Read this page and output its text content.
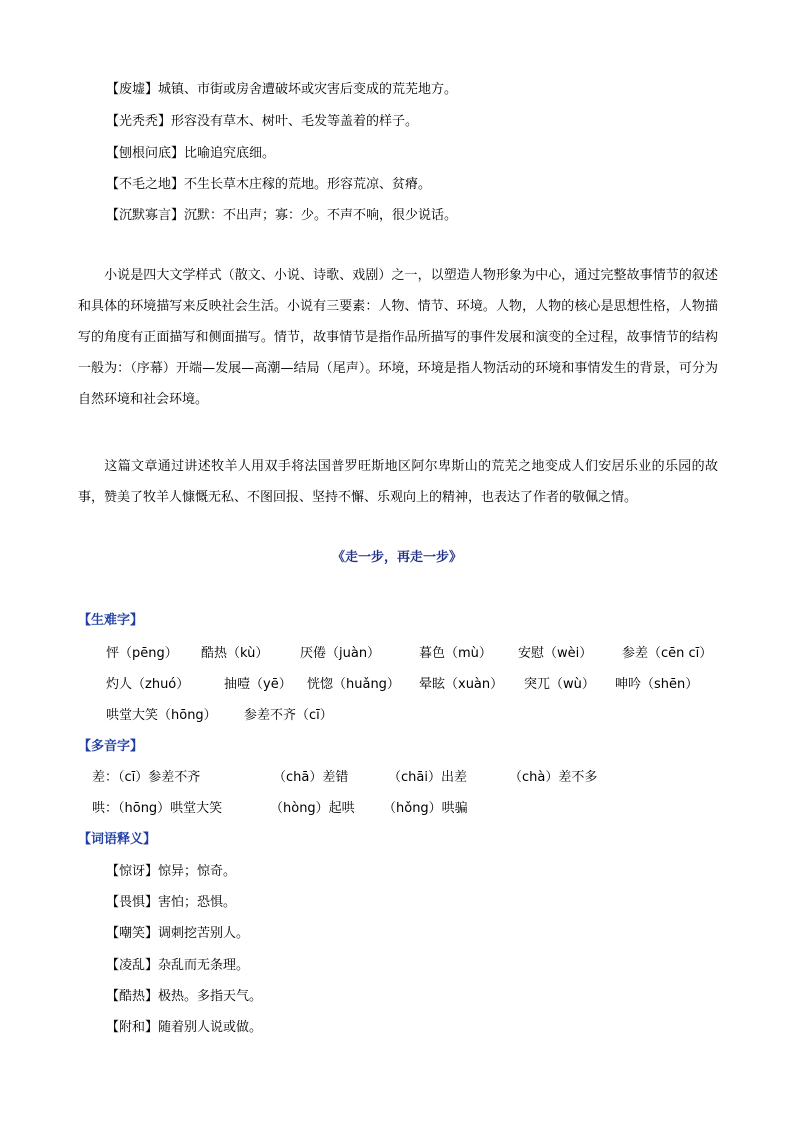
【废墟】城镇、市街或房舍遭破坏或灾害后变成的荒芜地方。
【光秃秃】形容没有草木、树叶、毛发等盖着的样子。
【刨根问底】比喻追究底细。
【不毛之地】不生长草木庄稼的荒地。形容荒凉、贫瘠。
【沉默寡言】沉默：不出声；寡：少。不声不响，很少说话。
小说是四大文学样式（散文、小说、诗歌、戏剧）之一，以塑造人物形象为中心，通过完整故事情节的叙述和具体的环境描写来反映社会生活。小说有三要素：人物、情节、环境。人物，人物的核心是思想性格，人物描写的角度有正面描写和侧面描写。情节，故事情节是指作品所描写的事件发展和演变的全过程，故事情节的结构一般为：（序幕）开端—发展—高潮—结局（尾声）。环境，环境是指人物活动的环境和事情发生的背景，可分为自然环境和社会环境。
这篇文章通过讲述牧羊人用双手将法国普罗旺斯地区阿尔卑斯山的荒芜之地变成人们安居乐业的乐园的故事，赞美了牧羊人慷慨无私、不图回报、坚持不懈、乐观向上的精神，也表达了作者的敬佩之情。
《走一步，再走一步》
【生难字】
怦（pēng） 酷热（kù） 厌倦（juàn）	暮色（mù） 安慰（wèi） 参差（cēn cī）
灼人（zhuó）	抽噎（yē） 恍惚（huǎng） 晕眩（xuàn） 突兀（wù） 呻吟（shēn）
哄堂大笑（hōng） 参差不齐（cī）
【多音字】
差：（cī）参差不齐	（chā）差错	（chāi）出差	（chà）差不多
哄：（hōng）哄堂大笑	（hòng）起哄 （hǒng）哄骗
【词语释义】
【惊讶】惊异；惊奇。
【畏惧】害怕；恐惧。
【嘲笑】调刺挖苦别人。
【凌乱】杂乱而无条理。
【酷热】极热。多指天气。
【附和】随着别人说或做。
